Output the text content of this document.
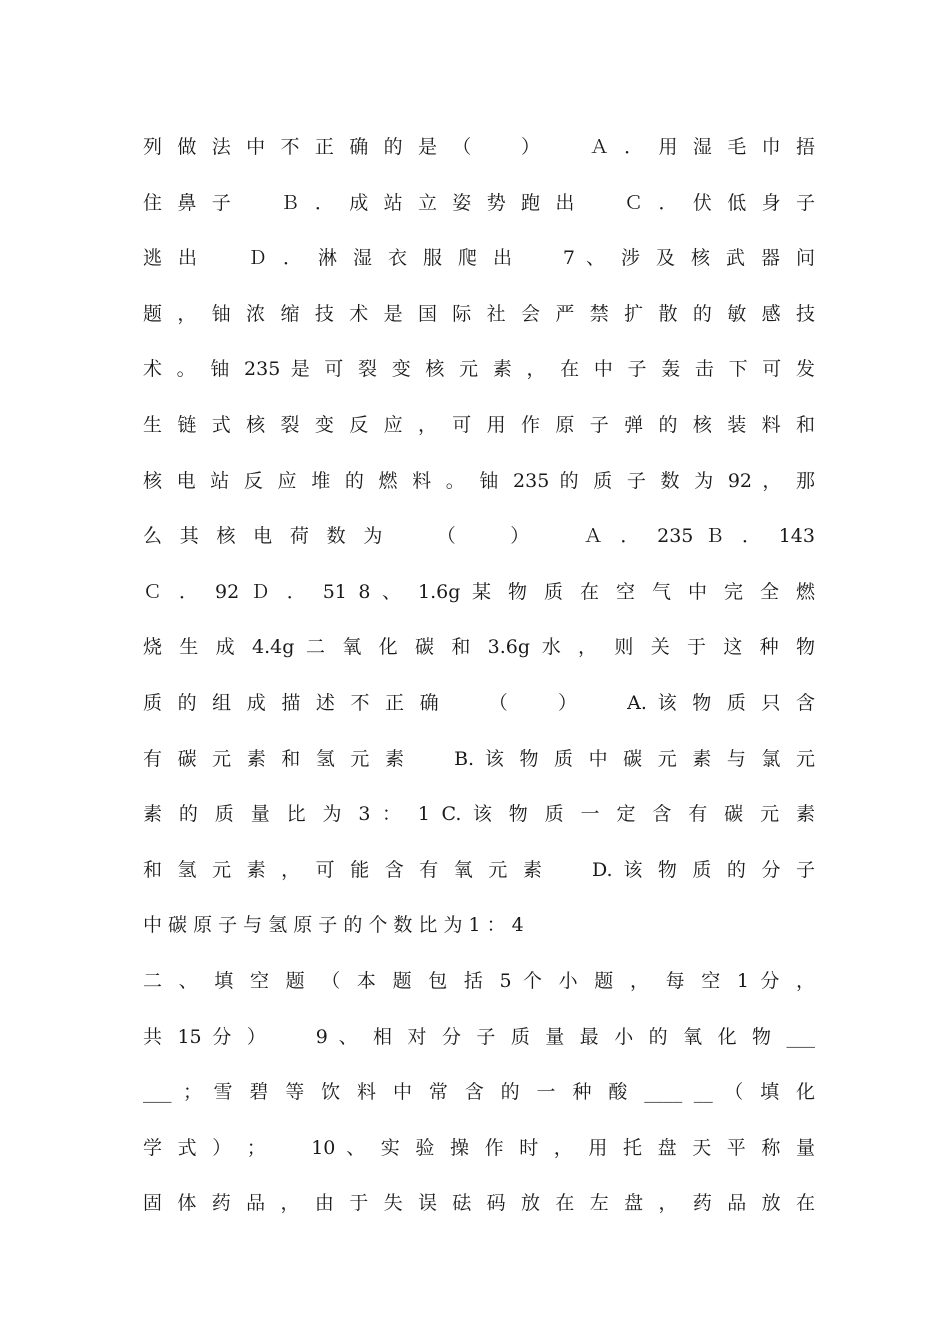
列 做 法 中 不 正 确 的 是 （ 　 ） 　 Ａ ． 用 湿 毛 巾 捂
住 鼻 子 　 Ｂ ． 成 站 立 姿 势 跑 出 　 Ｃ ． 伏 低 身 子
逃 出 　 Ｄ ． 淋 湿 衣 服 爬 出 　 7 、 涉 及 核 武 器 问
题 ， 铀 浓 缩 技 术 是 国 际 社 会 严 禁 扩 散 的 敏 感 技
术 。 铀 235 是 可 裂 变 核 元 素 ， 在 中 子 轰 击 下 可 发
生 链 式 核 裂 变 反 应 ， 可 用 作 原 子 弹 的 核 装 料 和
核 电 站 反 应 堆 的 燃 料 。 铀 235 的 质 子 数 为 92 ， 那
么 其 核 电 荷 数 为 　 （ 　 ） 　 Ａ ． 235 Ｂ ． 143
Ｃ ． 92 Ｄ ． 51 8 、 1.6g 某 物 质 在 空 气 中 完 全 燃
烧 生 成 4.4g 二 氧 化 碳 和 3.6g 水 ， 则 关 于 这 种 物
质 的 组 成 描 述 不 正 确 　 （ 　 ） 　 A. 该 物 质 只 含
有 碳 元 素 和 氢 元 素 　 B. 该 物 质 中 碳 元 素 与 氯 元
素 的 质 量 比 为 3 ： 1 C. 该 物 质 一 定 含 有 碳 元 素
和 氢 元 素 ， 可 能 含 有 氧 元 素 　 D. 该 物 质 的 分 子
中 碳 原 子 与 氢 原 子 的 个 数 比 为 1 ： 4
二 、 填 空 题 （ 本 题 包 括 5 个 小 题 ， 每 空 1 分 ，
共 15 分 ） 　 9 、 相 对 分 子 质 量 最 小 的 氧 化 物 ___
___ ； 雪 碧 等 饮 料 中 常 含 的 一 种 酸 ____ __ （ 填 化
学 式 ） ； 　 10 、 实 验 操 作 时 ， 用 托 盘 天 平 称 量
固 体 药 品 ， 由 于 失 误 砝 码 放 在 左 盘 ， 药 品 放 在
